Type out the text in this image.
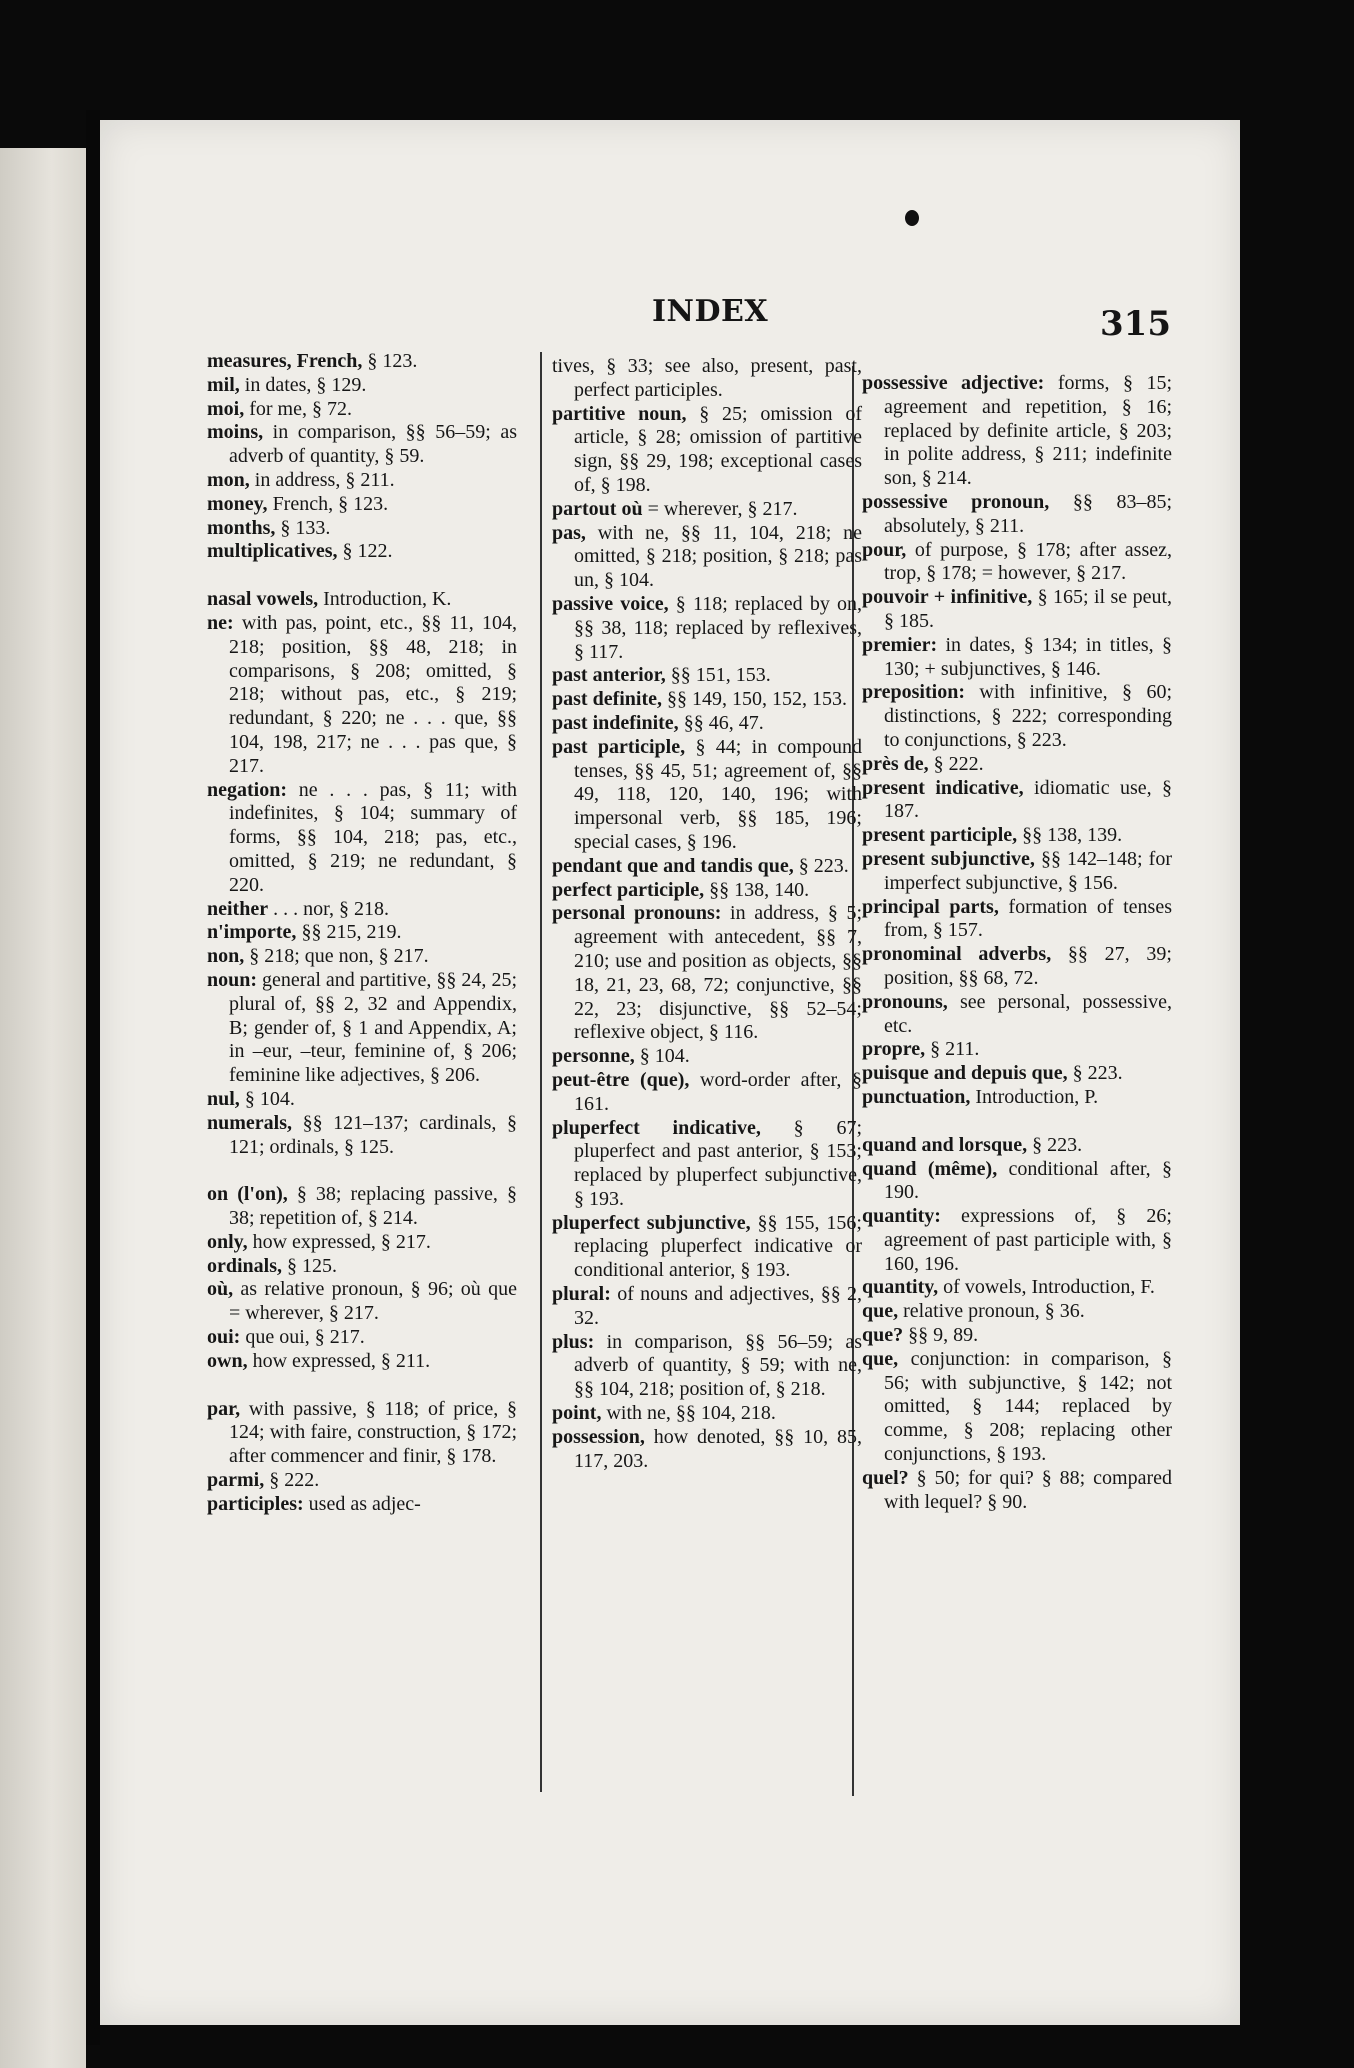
INDEX	315

measures, French, § 123.

mil, in dates, § 129.

moi, for me, § 72.

moins, in comparison, §§ 56–59; as adverb of quantity, § 59.

mon, in address, § 211.

money, French, § 123.

months, § 133.

multiplicatives, § 122.

nasal vowels, Introduction, K.

ne: with pas, point, etc., §§ 11, 104, 218; position, §§ 48, 218; in comparisons, § 208; omitted, § 218; without pas, etc., § 219; redundant, § 220; ne . . . que, §§ 104, 198, 217; ne . . . pas que, § 217.

negation: ne . . . pas, § 11; with indefinites, § 104; summary of forms, §§ 104, 218; pas, etc., omitted, § 219; ne redundant, § 220.

neither . . . nor, § 218.

n'importe, §§ 215, 219.

non, § 218; que non, § 217.

noun: general and partitive, §§ 24, 25; plural of, §§ 2, 32 and Appendix, B; gender of, § 1 and Appendix, A; in –eur, –teur, feminine of, § 206; feminine like adjectives, § 206.

nul, § 104.

numerals, §§ 121–137; cardinals, § 121; ordinals, § 125.

on (l'on), § 38; replacing passive, § 38; repetition of, § 214.

only, how expressed, § 217.

ordinals, § 125.

où, as relative pronoun, § 96; où que = wherever, § 217.

oui: que oui, § 217.

own, how expressed, § 211.

par, with passive, § 118; of price, § 124; with faire, construction, § 172; after commencer and finir, § 178.

parmi, § 222.

participles: used as adjec-

tives, § 33; see also, present, past, perfect participles.

partitive noun, § 25; omission of article, § 28; omission of partitive sign, §§ 29, 198; exceptional cases of, § 198.

partout où = wherever, § 217.

pas, with ne, §§ 11, 104, 218; ne omitted, § 218; position, § 218; pas un, § 104.

passive voice, § 118; replaced by on, §§ 38, 118; replaced by reflexives, § 117.

past anterior, §§ 151, 153.

past definite, §§ 149, 150, 152, 153.

past indefinite, §§ 46, 47.

past participle, § 44; in compound tenses, §§ 45, 51; agreement of, §§ 49, 118, 120, 140, 196; with impersonal verb, §§ 185, 196; special cases, § 196.

pendant que and tandis que, § 223.

perfect participle, §§ 138, 140.

personal pronouns: in address, § 5; agreement with antecedent, §§ 7, 210; use and position as objects, §§ 18, 21, 23, 68, 72; conjunctive, §§ 22, 23; disjunctive, §§ 52–54; reflexive object, § 116.

personne, § 104.

peut-être (que), word-order after, § 161.

pluperfect indicative, § 67; pluperfect and past anterior, § 153; replaced by pluperfect subjunctive, § 193.

pluperfect subjunctive, §§ 155, 156; replacing pluperfect indicative or conditional anterior, § 193.

plural: of nouns and adjectives, §§ 2, 32.

plus: in comparison, §§ 56–59; as adverb of quantity, § 59; with ne, §§ 104, 218; position of, § 218.

point, with ne, §§ 104, 218.

possession, how denoted, §§ 10, 85, 117, 203.

possessive adjective: forms, § 15; agreement and repetition, § 16; replaced by definite article, § 203; in polite address, § 211; indefinite son, § 214.

possessive pronoun, §§ 83–85; absolutely, § 211.

pour, of purpose, § 178; after assez, trop, § 178; = however, § 217.

pouvoir + infinitive, § 165; il se peut, § 185.

premier: in dates, § 134; in titles, § 130; + subjunctives, § 146.

preposition: with infinitive, § 60; distinctions, § 222; corresponding to conjunctions, § 223.

près de, § 222.

present indicative, idiomatic use, § 187.

present participle, §§ 138, 139.

present subjunctive, §§ 142–148; for imperfect subjunctive, § 156.

principal parts, formation of tenses from, § 157.

pronominal adverbs, §§ 27, 39; position, §§ 68, 72.

pronouns, see personal, possessive, etc.

propre, § 211.

puisque and depuis que, § 223.

punctuation, Introduction, P.

quand and lorsque, § 223.

quand (même), conditional after, § 190.

quantity: expressions of, § 26; agreement of past participle with, § 160, 196.

quantity, of vowels, Introduction, F.

que, relative pronoun, § 36.

que? §§ 9, 89.

que, conjunction: in comparison, § 56; with subjunctive, § 142; not omitted, § 144; replaced by comme, § 208; replacing other conjunctions, § 193.

quel? § 50; for qui? § 88; compared with lequel? § 90.
